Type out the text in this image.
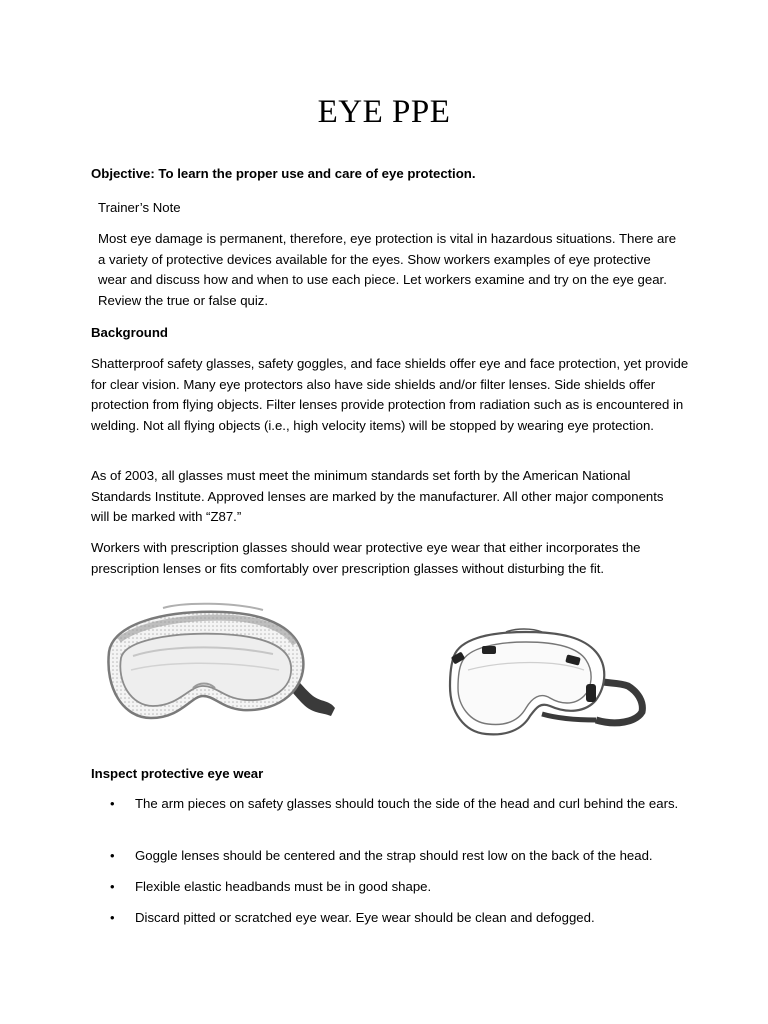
EYE PPE
Objective: To learn the proper use and care of eye protection.
Trainer’s Note
Most eye damage is permanent, therefore, eye protection is vital in hazardous situations. There are a variety of protective devices available for the eyes. Show workers examples of eye protective wear and discuss how and when to use each piece. Let workers examine and try on the eye gear. Review the true or false quiz.
Background
Shatterproof safety glasses, safety goggles, and face shields offer eye and face protection, yet provide for clear vision. Many eye protectors also have side shields and/or filter lenses. Side shields offer protection from flying objects. Filter lenses provide protection from radiation such as is encountered in welding. Not all flying objects (i.e., high velocity items) will be stopped by wearing eye protection.
As of 2003, all glasses must meet the minimum standards set forth by the American National Standards Institute. Approved lenses are marked by the manufacturer. All other major components will be marked with “Z87.”
Workers with prescription glasses should wear protective eye wear that either incorporates the prescription lenses or fits comfortably over prescription glasses without disturbing the fit.
Inspect protective eye wear
• The arm pieces on safety glasses should touch the side of the head and curl behind the ears.
• Goggle lenses should be centered and the strap should rest low on the back of the head.
• Flexible elastic headbands must be in good shape.
• Discard pitted or scratched eye wear. Eye wear should be clean and defogged.
